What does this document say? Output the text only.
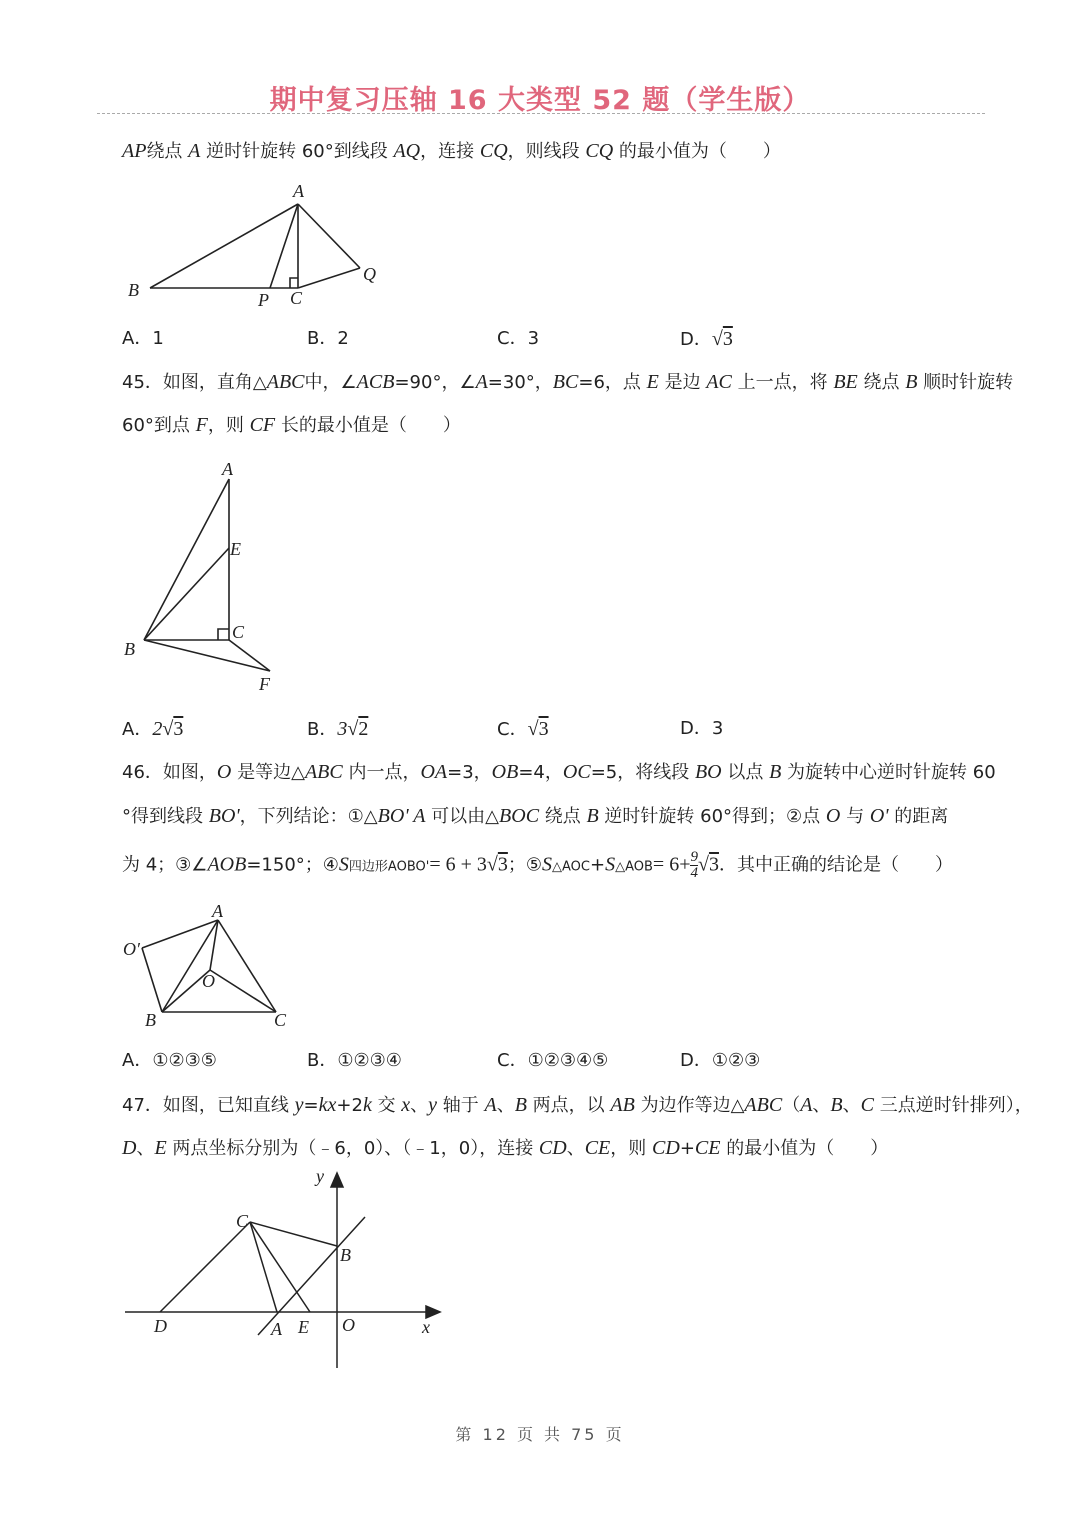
期中复习压轴 16 大类型 52 题（学生版）
AP绕点 A 逆时针旋转 60°到线段 AQ，连接 CQ，则线段 CQ 的最小值为（　　）
A
B	P C
Q
A．1	B．2	C．3	D．√3
45．如图，直角△ABC中，∠ACB=90°，∠A=30°，BC=6，点 E 是边 AC 上一点，将 BE 绕点 B 顺时针旋转
60°到点 F，则 CF 长的最小值是（　　）
A
E
C
B
F
A．2√3	B．3√2	C．√3	D．3
46．如图，O 是等边△ABC 内一点，OA=3，OB=4，OC=5，将线段 BO 以点 B 为旋转中心逆时针旋转 60
°得到线段 BO'，下列结论：①△BO' A 可以由△BOC 绕点 B 逆时针旋转 60°得到；②点 O 与 O' 的距离
为 4；③∠AOB=150°；④S四边形AOBO'= 6 + 3√3；⑤S△AOC+S△AOB= $6+ \frac{9}{4} √3$．其中正确的结论是（　　）
A
O′
O
B	C
A．①②③⑤	B．①②③④	C．①②③④⑤	D．①②③
47．如图，已知直线 y=kx+2k 交 x、y 轴于 A、B 两点，以 AB 为边作等边△ABC（A、B、C 三点逆时针排列），
D、E 两点坐标分别为（﹣6，0）、（﹣1，0），连接 CD、CE，则 CD+CE 的最小值为（　　）
y
C
B
D	A E O	x
第 12 页 共 75 页
